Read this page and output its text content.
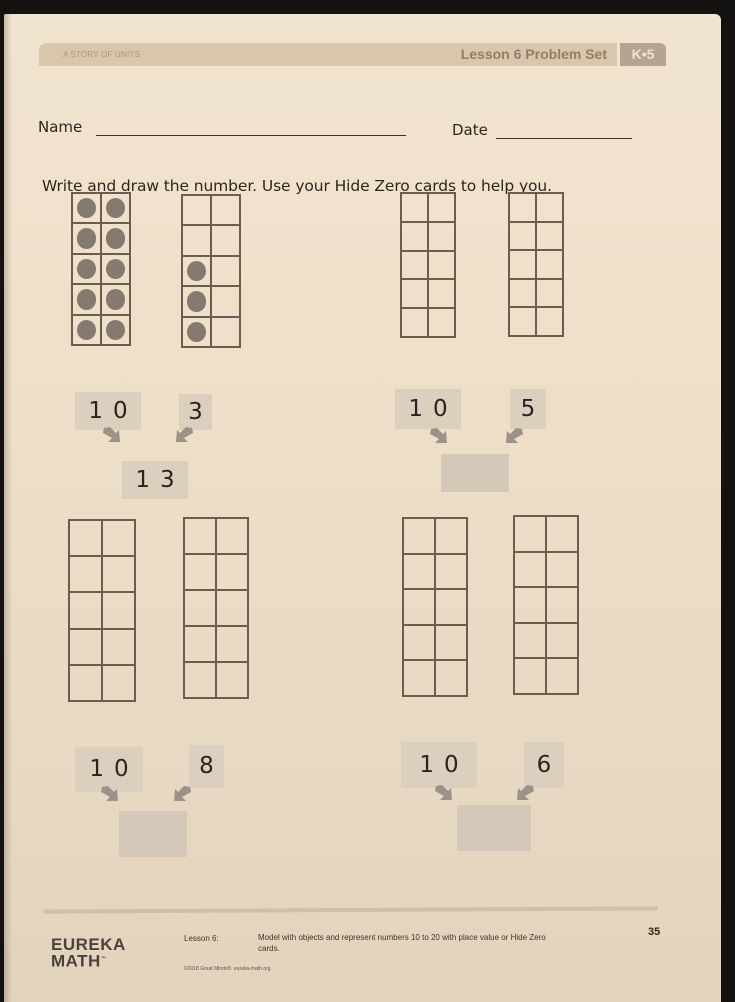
A STORY OF UNITS	Lesson 6 Problem Set	K•5
Name	Date
Write and draw the number. Use your Hide Zero cards to help you.
10	3
13
10	5
10	8	10	6
EUREKA
MATH™
Lesson 6:	Model with objects and represent numbers 10 to 20 with place value or Hide Zero cards.
©2018 Great Minds®. eureka-math.org
35
